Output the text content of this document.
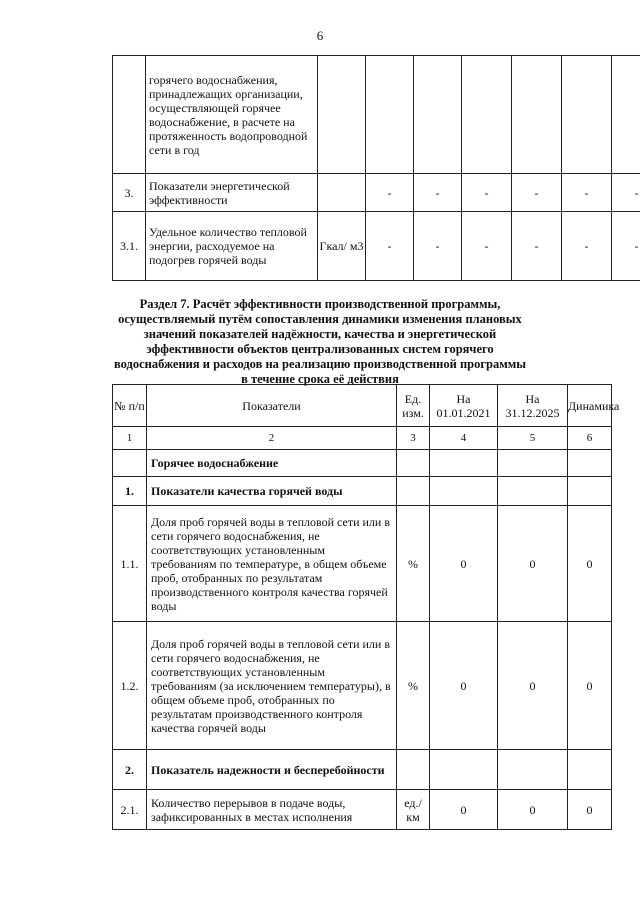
6
	горячего водоснабжения, принадлежащих организации, осуществляющей горячее водоснабжение, в расчете на протяженность водопроводной сети в год							
3.	Показатели энергетической эффективности		-	-	-	-	-	-
3.1.	Удельное количество тепловой энергии, расходуемое на подогрев горячей воды	Гкал/ м3	-	-	-	-	-	-
Раздел 7. Расчёт эффективности производственной программы, осуществляемый путём сопоставления динамики изменения плановых значений показателей надёжности, качества и энергетической эффективности объектов централизованных систем горячего водоснабжения и расходов на реализацию производственной программы в течение срока её действия
№ п/п	Показатели	Ед. изм.	На 01.01.2021	На 31.12.2025	Динамика
1	2	3	4	5	6
	Горячее водоснабжение				
1.	Показатели качества горячей воды				
1.1.	Доля проб горячей воды в тепловой сети или в сети горячего водоснабжения, не соответствующих установленным требованиям по температуре, в общем объеме проб, отобранных по результатам производственного контроля качества горячей воды	%	0	0	0
1.2.	Доля проб горячей воды в тепловой сети или в сети горячего водоснабжения, не соответствующих установленным требованиям (за исключением температуры), в общем объеме проб, отобранных по результатам производственного контроля качества горячей воды	%	0	0	0
2.	Показатель надежности и бесперебойности				
2.1.	Количество перерывов в подаче воды, зафиксированных в местах исполнения	ед./ км	0	0	0
